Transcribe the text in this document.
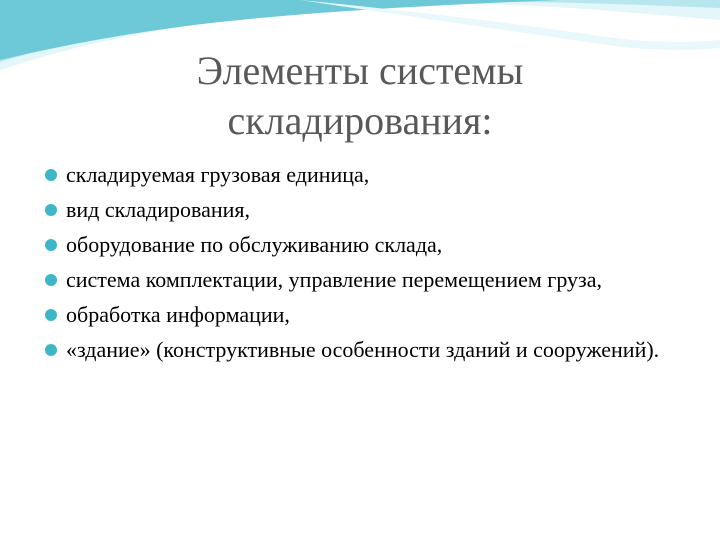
Элементы системы
складирования:
складируемая грузовая единица,
вид складирования,
оборудование по обслуживанию склада,
система комплектации, управление перемещением груза,
обработка информации,
«здание» (конструктивные особенности зданий и сооружений).
